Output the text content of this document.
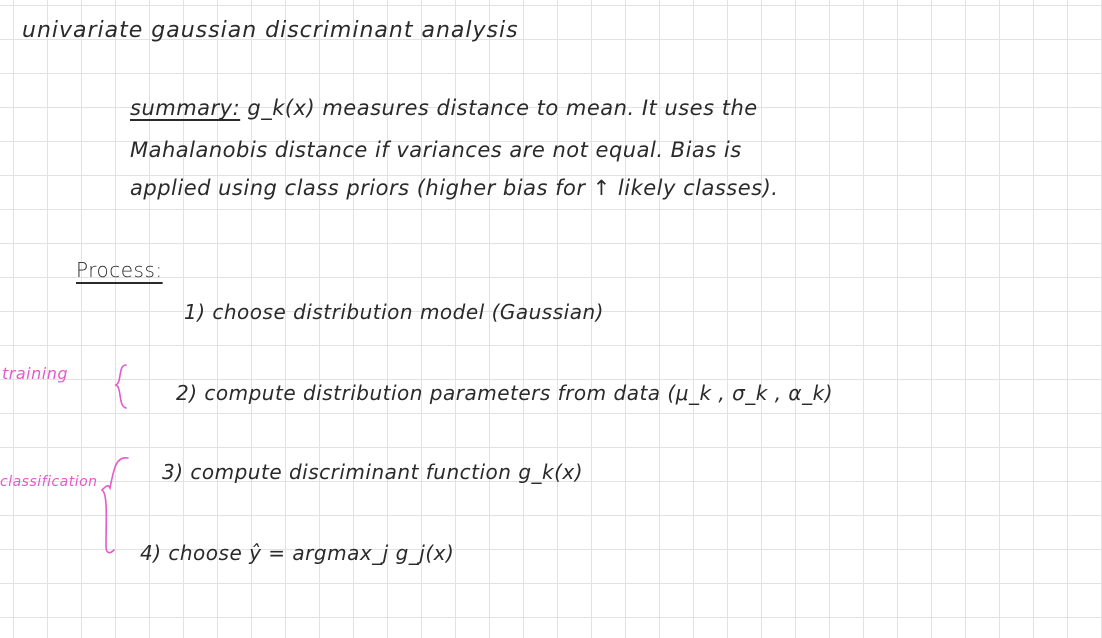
univariate gaussian discriminant analysis
summary: g_k(x) measures distance to mean. It uses the
Mahalanobis distance if variances are not equal. Bias is
applied using class priors (higher bias for ↑ likely classes).
Process:
1) choose distribution model (Gaussian)
2) compute distribution parameters from data (μ_k , σ_k , α_k)
3) compute discriminant function g_k(x)
4) choose ŷ = argmax_j g_j(x)
training
classification
